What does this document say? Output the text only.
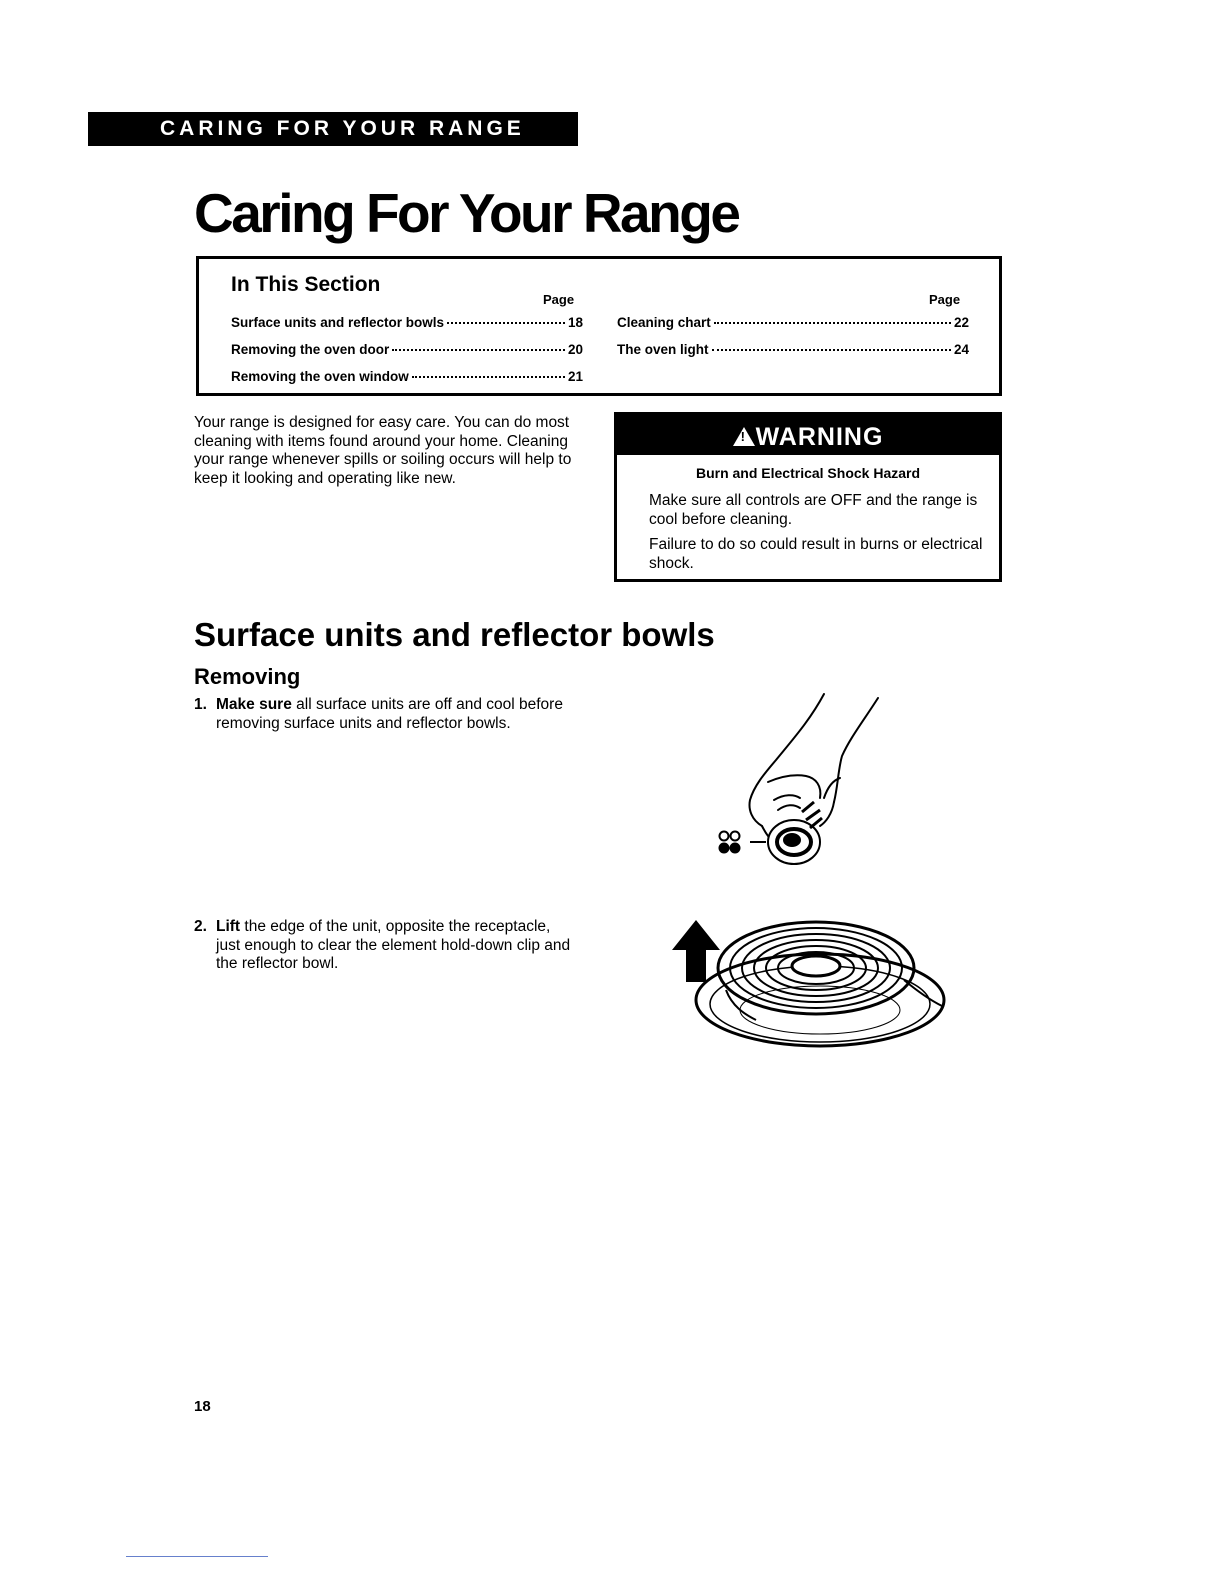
CARING FOR YOUR RANGE
Caring For Your Range
In This Section
Page	Page
Surface units and reflector bowls	18
Removing the oven door	20
Removing the oven window	21
Cleaning chart	22
The oven light	24

Your range is designed for easy care. You can do most cleaning with items found around your home. Cleaning your range whenever spills or soiling occurs will help to keep it looking and operating like new.

!WARNING
Burn and Electrical Shock Hazard
Make sure all controls are OFF and the range is cool before cleaning.
Failure to do so could result in burns or electrical shock.
Surface units and reflector bowls
Removing
1. Make sure all surface units are off and cool before removing surface units and reflector bowls.
2. Lift the edge of the unit, opposite the receptacle, just enough to clear the element hold-down clip and the reflector bowl.
18
